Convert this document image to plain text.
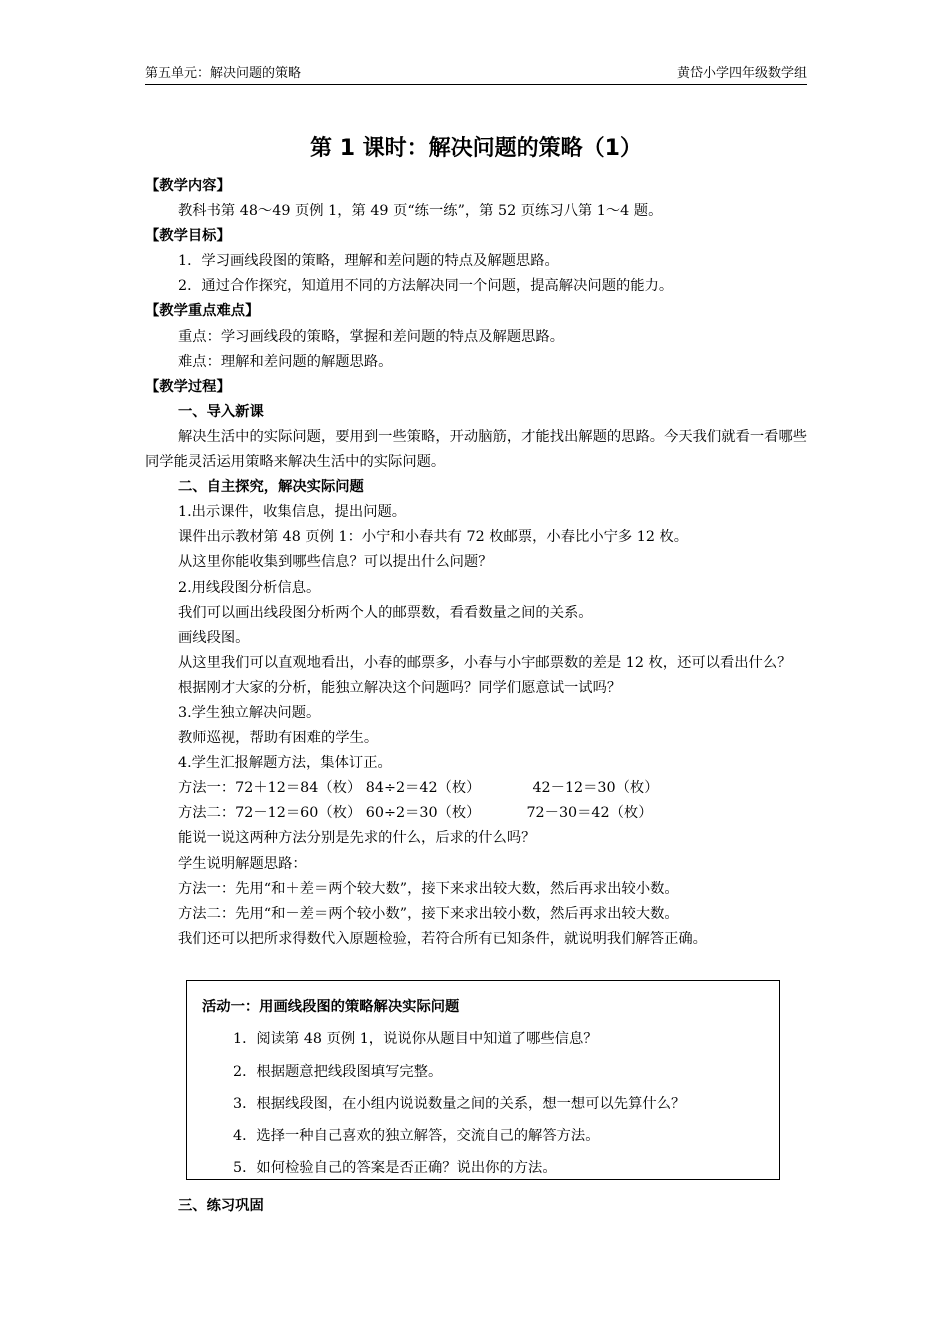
第五单元：解决问题的策略	黄岱小学四年级数学组
第 1 课时：解决问题的策略（1）

【教学内容】

教科书第 48～49 页例 1，第 49 页“练一练”，第 52 页练习八第 1～4 题。

【教学目标】

1．学习画线段图的策略，理解和差问题的特点及解题思路。

2．通过合作探究，知道用不同的方法解决同一个问题，提高解决问题的能力。

【教学重点难点】

重点：学习画线段的策略，掌握和差问题的特点及解题思路。

难点：理解和差问题的解题思路。

【教学过程】

一、导入新课

解决生活中的实际问题，要用到一些策略，开动脑筋，才能找出解题的思路。今天我们就看一看哪些同学能灵活运用策略来解决生活中的实际问题。

二、自主探究，解决实际问题

1.出示课件，收集信息，提出问题。

课件出示教材第 48 页例 1：小宁和小春共有 72 枚邮票，小春比小宁多 12 枚。

从这里你能收集到哪些信息？可以提出什么问题？

2.用线段图分析信息。

我们可以画出线段图分析两个人的邮票数，看看数量之间的关系。

画线段图。

从这里我们可以直观地看出，小春的邮票多，小春与小宇邮票数的差是 12 枚，还可以看出什么？

根据刚才大家的分析，能独立解决这个问题吗？同学们愿意试一试吗？

3.学生独立解决问题。

教师巡视，帮助有困难的学生。

4.学生汇报解题方法，集体订正。

方法一：72＋12＝84（枚） 84÷2＝42（枚）	42－12＝30（枚）

方法二：72－12＝60（枚） 60÷2＝30（枚）	72－30＝42（枚）

能说一说这两种方法分别是先求的什么，后求的什么吗？

学生说明解题思路：

方法一：先用“和＋差＝两个较大数”，接下来求出较大数，然后再求出较小数。

方法二：先用“和－差＝两个较小数”，接下来求出较小数，然后再求出较大数。

我们还可以把所求得数代入原题检验，若符合所有已知条件，就说明我们解答正确。

活动一：用画线段图的策略解决实际问题
1．阅读第 48 页例 1，说说你从题目中知道了哪些信息？
2．根据题意把线段图填写完整。
3．根据线段图，在小组内说说数量之间的关系，想一想可以先算什么？
4．选择一种自己喜欢的独立解答，交流自己的解答方法。
5．如何检验自己的答案是否正确？说出你的方法。
三、练习巩固
